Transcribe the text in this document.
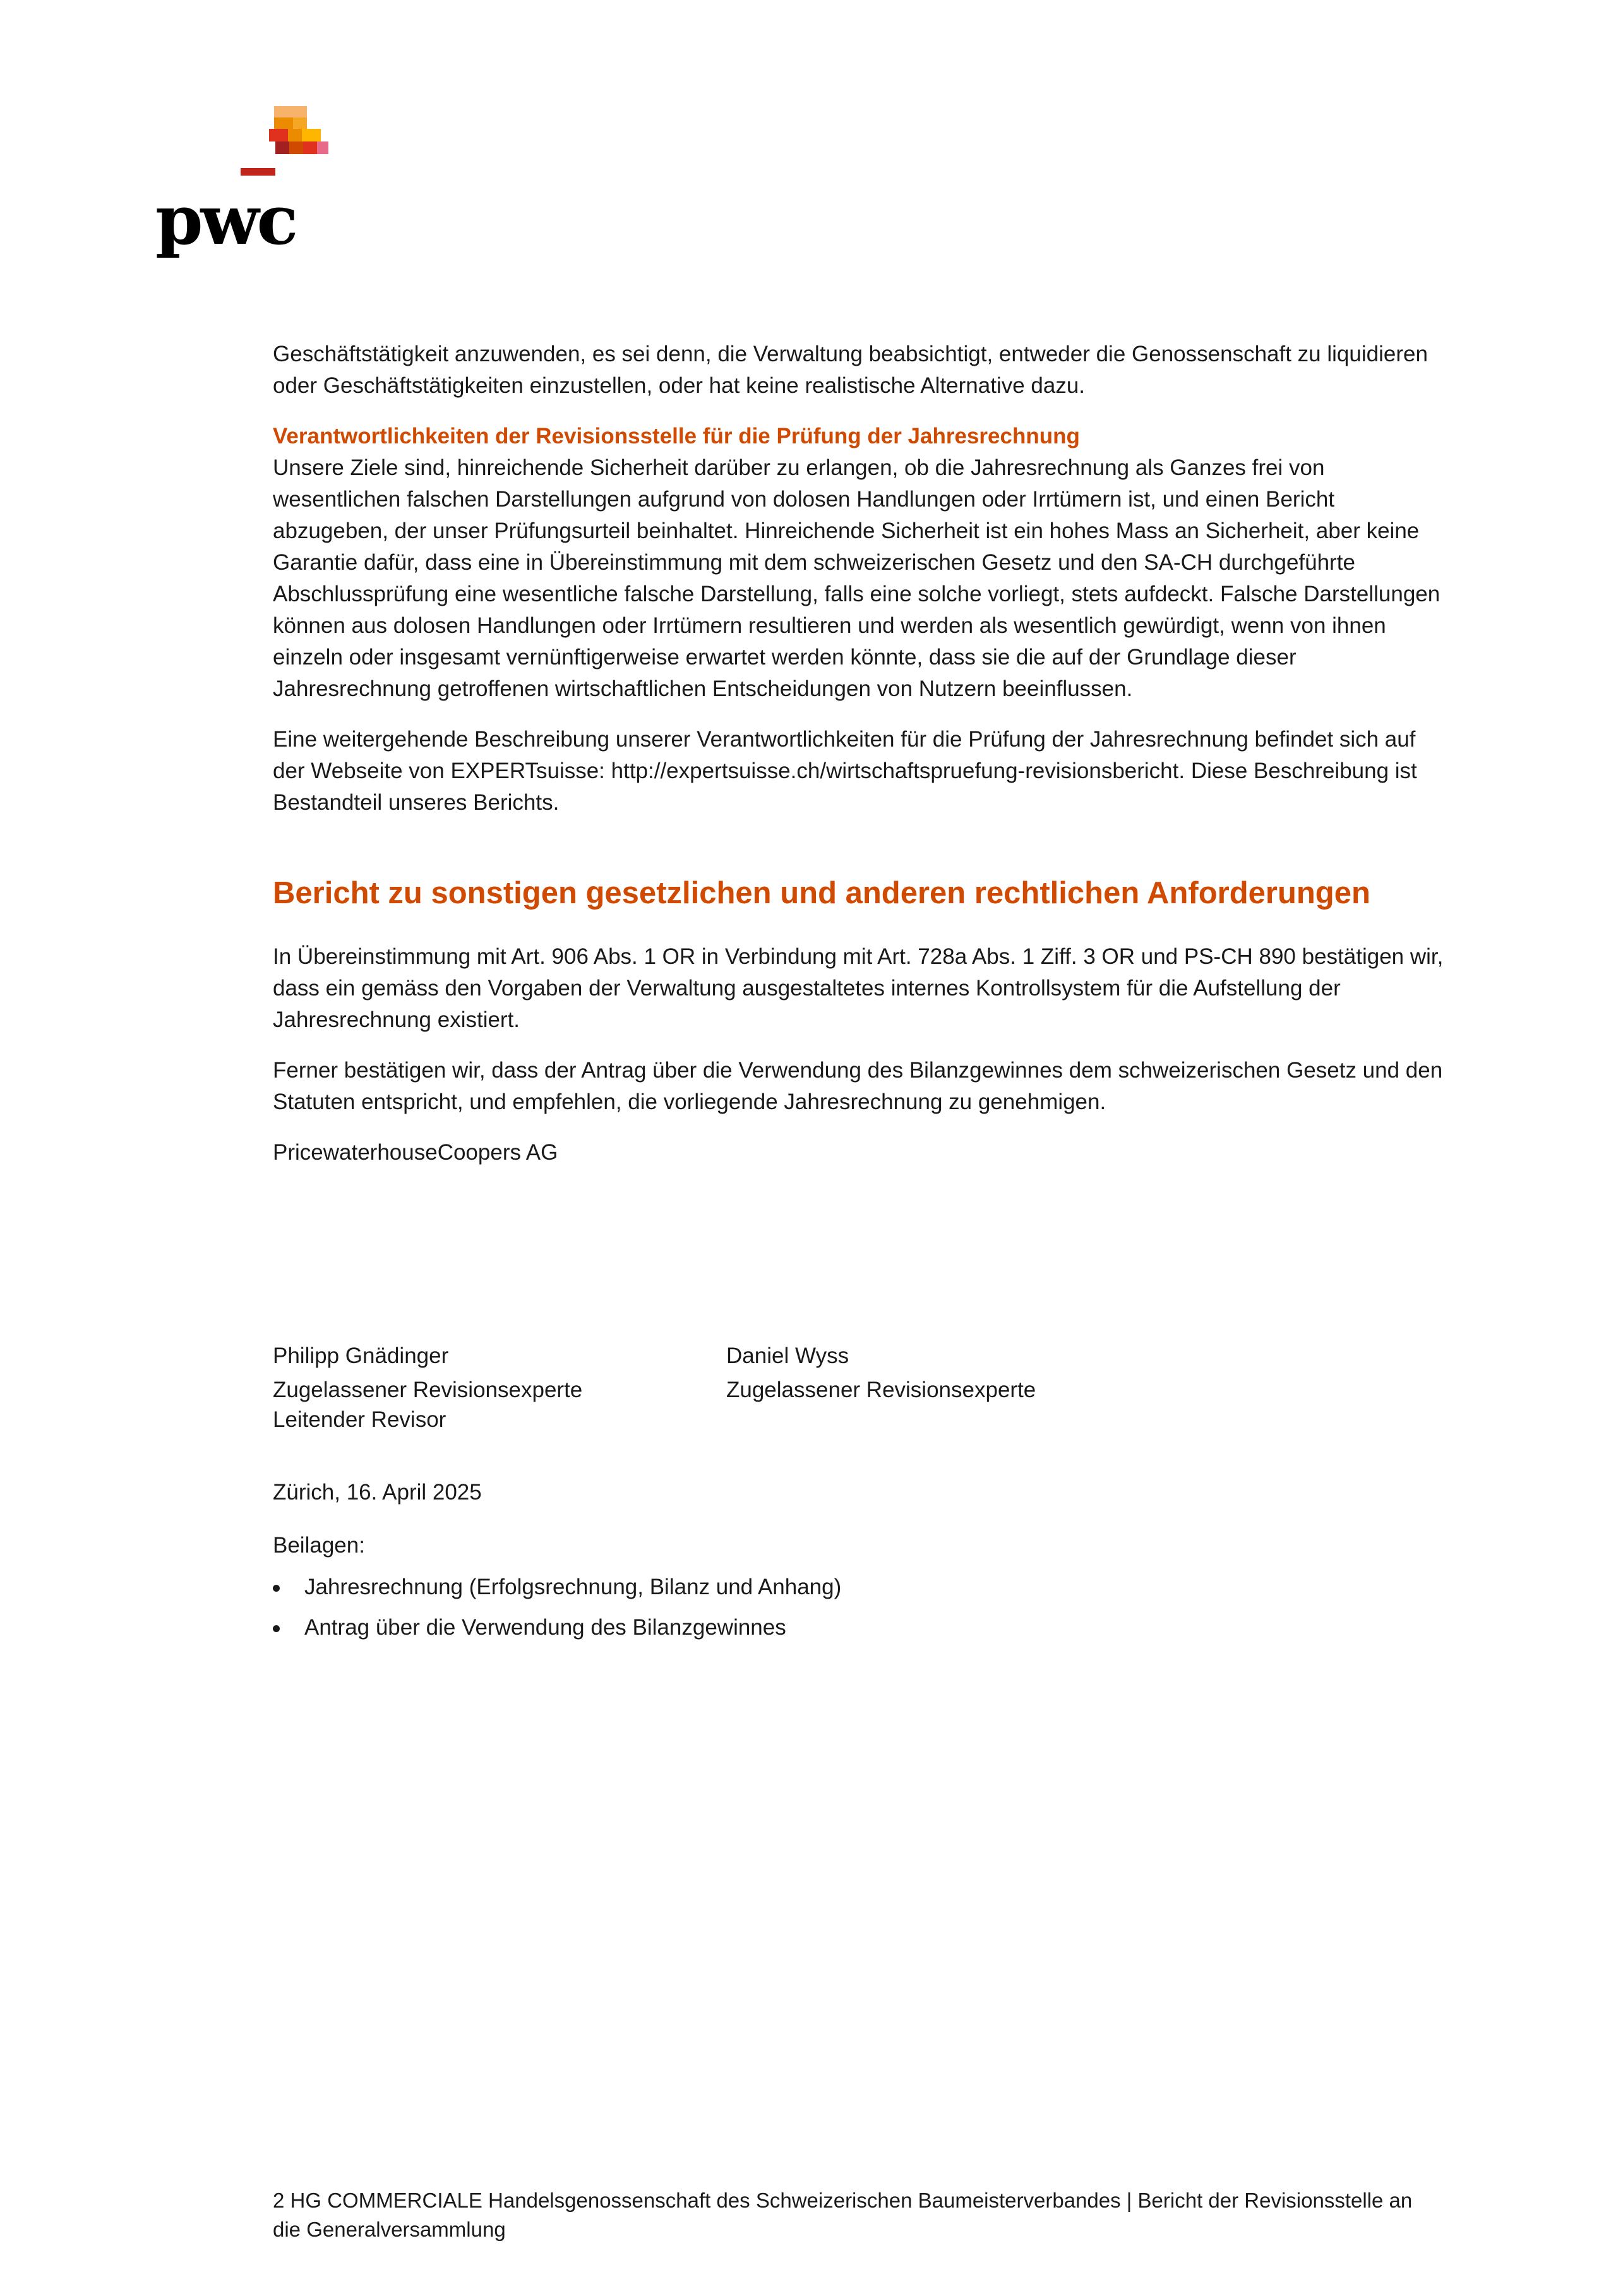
pwc

Geschäftstätigkeit anzuwenden, es sei denn, die Verwaltung beabsichtigt, entweder die Genossenschaft zu liquidieren
oder Geschäftstätigkeiten einzustellen, oder hat keine realistische Alternative dazu.

Verantwortlichkeiten der Revisionsstelle für die Prüfung der Jahresrechnung

Unsere Ziele sind, hinreichende Sicherheit darüber zu erlangen, ob die Jahresrechnung als Ganzes frei von
wesentlichen falschen Darstellungen aufgrund von dolosen Handlungen oder Irrtümern ist, und einen Bericht
abzugeben, der unser Prüfungsurteil beinhaltet. Hinreichende Sicherheit ist ein hohes Mass an Sicherheit, aber keine
Garantie dafür, dass eine in Übereinstimmung mit dem schweizerischen Gesetz und den SA-CH durchgeführte
Abschlussprüfung eine wesentliche falsche Darstellung, falls eine solche vorliegt, stets aufdeckt. Falsche Darstellungen
können aus dolosen Handlungen oder Irrtümern resultieren und werden als wesentlich gewürdigt, wenn von ihnen
einzeln oder insgesamt vernünftigerweise erwartet werden könnte, dass sie die auf der Grundlage dieser
Jahresrechnung getroffenen wirtschaftlichen Entscheidungen von Nutzern beeinflussen.

Eine weitergehende Beschreibung unserer Verantwortlichkeiten für die Prüfung der Jahresrechnung befindet sich auf
der Webseite von EXPERTsuisse: http://expertsuisse.ch/wirtschaftspruefung-revisionsbericht. Diese Beschreibung ist
Bestandteil unseres Berichts.

Bericht zu sonstigen gesetzlichen und anderen rechtlichen Anforderungen

In Übereinstimmung mit Art. 906 Abs. 1 OR in Verbindung mit Art. 728a Abs. 1 Ziff. 3 OR und PS-CH 890 bestätigen wir,
dass ein gemäss den Vorgaben der Verwaltung ausgestaltetes internes Kontrollsystem für die Aufstellung der
Jahresrechnung existiert.

Ferner bestätigen wir, dass der Antrag über die Verwendung des Bilanzgewinnes dem schweizerischen Gesetz und den
Statuten entspricht, und empfehlen, die vorliegende Jahresrechnung zu genehmigen.

PricewaterhouseCoopers AG

Philipp Gnädinger

Zugelassener Revisionsexperte

Leitender Revisor

Daniel Wyss

Zugelassener Revisionsexperte

Zürich, 16. April 2025

Beilagen:

Jahresrechnung (Erfolgsrechnung, Bilanz und Anhang)
Antrag über die Verwendung des Bilanzgewinnes
2 HG COMMERCIALE Handelsgenossenschaft des Schweizerischen Baumeisterverbandes | Bericht der Revisionsstelle an
die Generalversammlung
